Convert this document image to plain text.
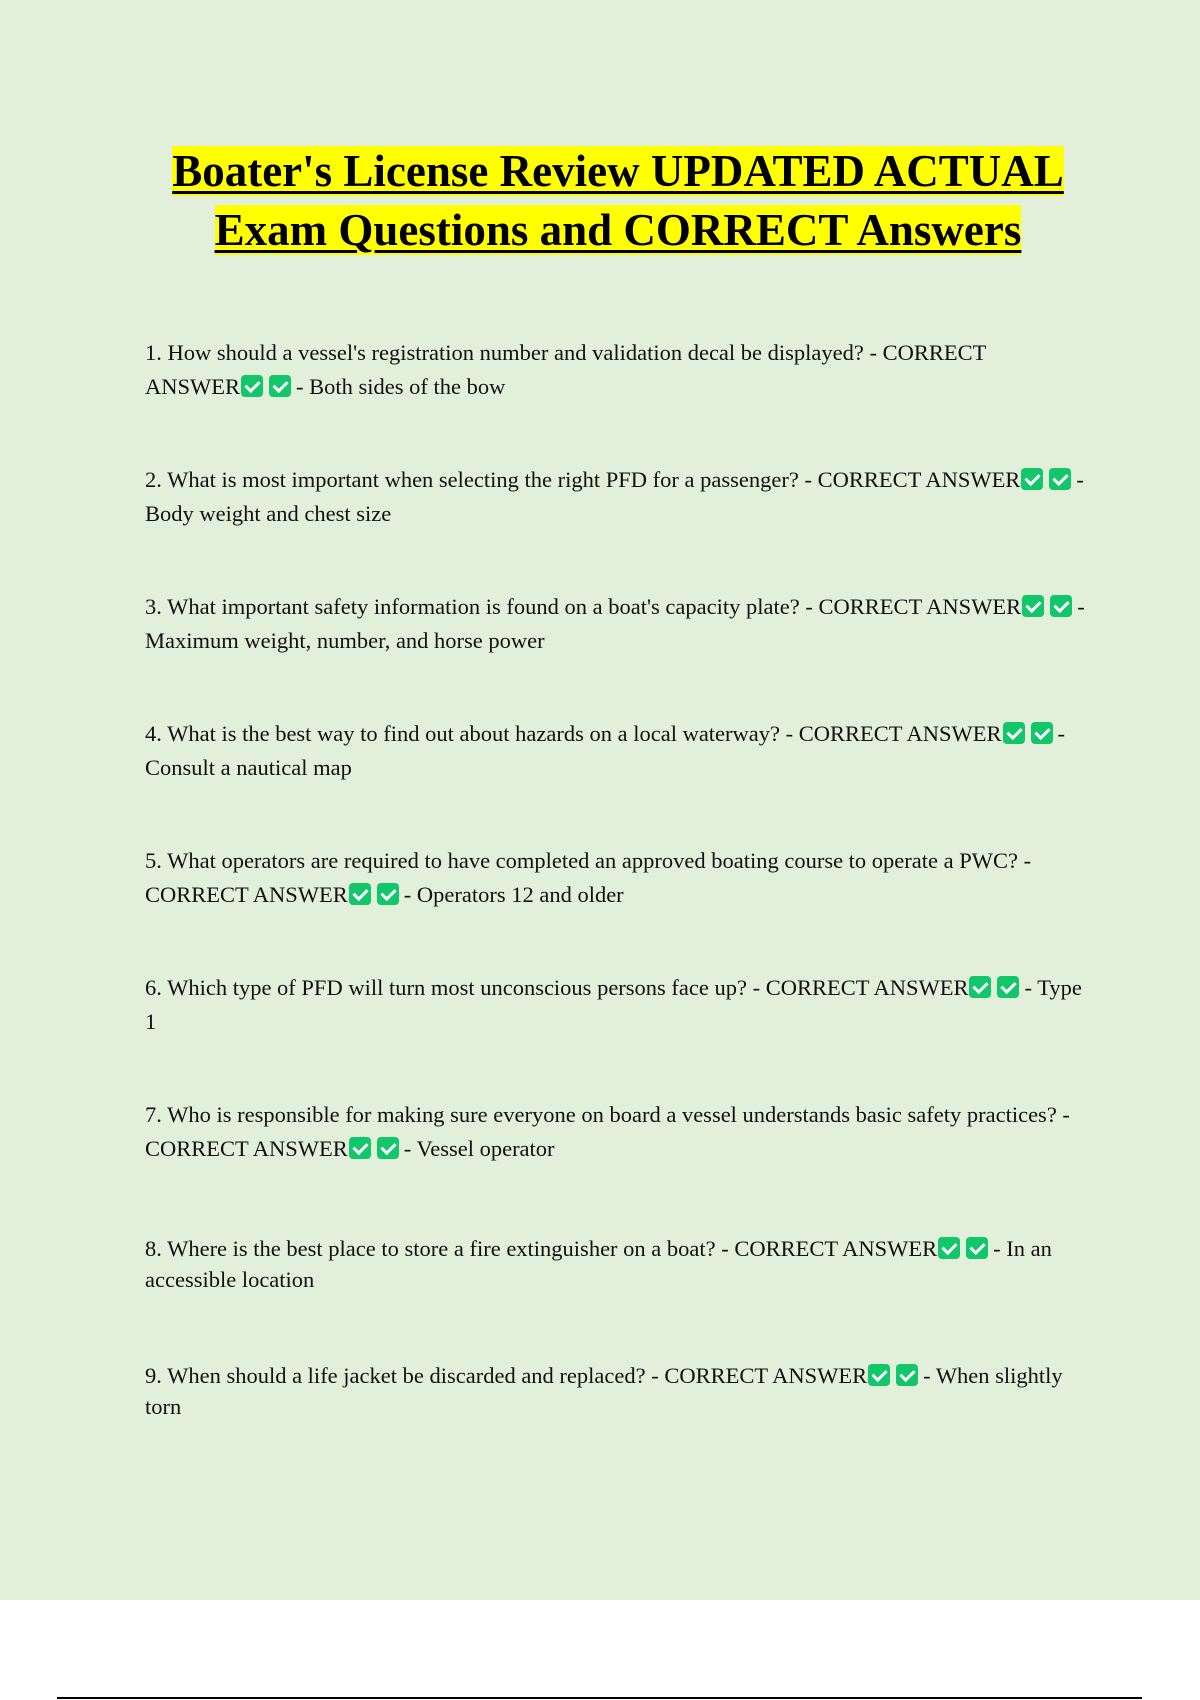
Boater's License Review UPDATED ACTUAL Exam Questions and CORRECT Answers

1. How should a vessel's registration number and validation decal be displayed? - CORRECT ANSWER - Both sides of the bow

2. What is most important when selecting the right PFD for a passenger? - CORRECT ANSWER - Body weight and chest size

3. What important safety information is found on a boat's capacity plate? - CORRECT ANSWER - Maximum weight, number, and horse power

4. What is the best way to find out about hazards on a local waterway? - CORRECT ANSWER - Consult a nautical map

5. What operators are required to have completed an approved boating course to operate a PWC? - CORRECT ANSWER - Operators 12 and older

6. Which type of PFD will turn most unconscious persons face up? - CORRECT ANSWER - Type 1

7. Who is responsible for making sure everyone on board a vessel understands basic safety practices? - CORRECT ANSWER - Vessel operator

8. Where is the best place to store a fire extinguisher on a boat? - CORRECT ANSWER - In an accessible location

9. When should a life jacket be discarded and replaced? - CORRECT ANSWER - When slightly torn
